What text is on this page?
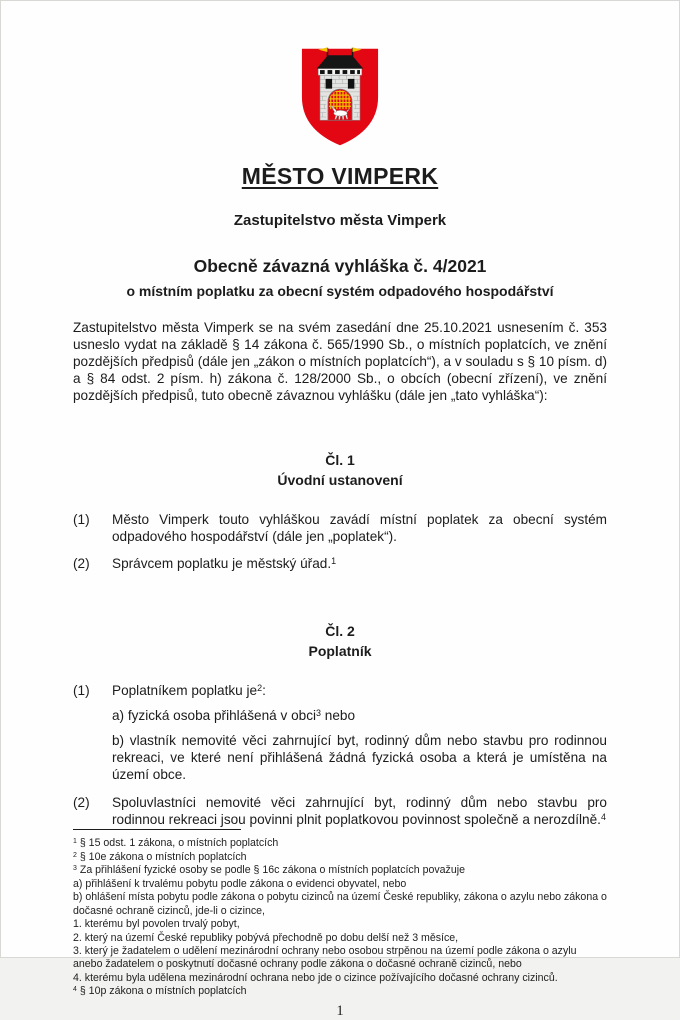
MĚSTO VIMPERK
Zastupitelstvo města Vimperk
Obecně závazná vyhláška č. 4/2021
o místním poplatku za obecní systém odpadového hospodářství

Zastupitelstvo města Vimperk se na svém zasedání dne 25.10.2021 usnesením č. 353 usneslo vydat na základě § 14 zákona č. 565/1990 Sb., o místních poplatcích, ve znění pozdějších předpisů (dále jen „zákon o místních poplatcích“), a v souladu s § 10 písm. d) a § 84 odst. 2 písm. h) zákona č. 128/2000 Sb., o obcích (obecní zřízení), ve znění pozdějších předpisů, tuto obecně závaznou vyhlášku (dále jen „tato vyhláška“):

Čl. 1
Úvodní ustanovení
(1)	Město Vimperk touto vyhláškou zavádí místní poplatek za obecní systém odpadového hospodářství (dále jen „poplatek“).
(2)	Správcem poplatku je městský úřad.$^1$
Čl. 2
Poplatník
(1)	Poplatníkem poplatku $je^2$:
a) fyzická osoba přihlášená v obci$^3$ nebo
b) vlastník nemovité věci zahrnující byt, rodinný dům nebo stavbu pro rodinnou rekreaci, ve které není přihlášená žádná fyzická osoba a která je umístěna na území obce.
(2)	Spoluvlastníci nemovité věci zahrnující byt, rodinný dům nebo stavbu pro rodinnou rekreaci jsou povinni plnit poplatkovou povinnost společně a nerozdílně.$^4$
$^1$ § 15 odst. 1 zákona, o místních poplatcích
$^2$ § 10e zákona o místních poplatcích
$^3$ Za přihlášení fyzické osoby se podle § 16c zákona o místních poplatcích považuje
a) přihlášení k trvalému pobytu podle zákona o evidenci obyvatel, nebo
b) ohlášení místa pobytu podle zákona o pobytu cizinců na území České republiky, zákona o azylu nebo zákona o dočasné ochraně cizinců, jde-li o cizince,
1. kterému byl povolen trvalý pobyt,
2. který na území České republiky pobývá přechodně po dobu delší než 3 měsíce,
3. který je žadatelem o udělení mezinárodní ochrany nebo osobou strpěnou na území podle zákona o azylu anebo žadatelem o poskytnutí dočasné ochrany podle zákona o dočasné ochraně cizinců, nebo
4. kterému byla udělena mezinárodní ochrana nebo jde o cizince požívajícího dočasné ochrany cizinců.
$^4$ § 10p zákona o místních poplatcích
1
